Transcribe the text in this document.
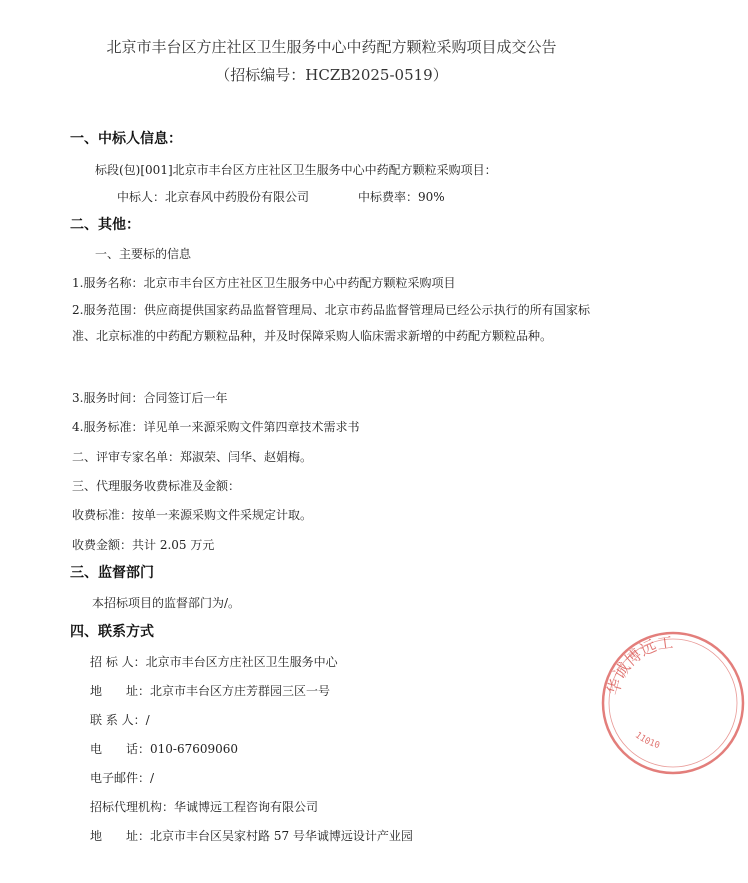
北京市丰台区方庄社区卫生服务中心中药配方颗粒采购项目成交公告
（招标编号：HCZB2025-0519）
一、中标人信息：
标段(包)[001]北京市丰台区方庄社区卫生服务中心中药配方颗粒采购项目：
中标人：北京春风中药股份有限公司	中标费率：90%
二、其他：
一、主要标的信息
1.服务名称：北京市丰台区方庄社区卫生服务中心中药配方颗粒采购项目
2.服务范围：供应商提供国家药品监督管理局、北京市药品监督管理局已经公示执行的所有国家标准、北京标准的中药配方颗粒品种，并及时保障采购人临床需求新增的中药配方颗粒品种。
3.服务时间：合同签订后一年
4.服务标准：详见单一来源采购文件第四章技术需求书
二、评审专家名单：郑淑荣、闫华、赵娟梅。
三、代理服务收费标准及金额：
收费标准：按单一来源采购文件采规定计取。
收费金额：共计 2.05 万元
三、监督部门
本招标项目的监督部门为/。
四、联系方式
招 标 人：北京市丰台区方庄社区卫生服务中心
地　　址：北京市丰台区方庄芳群园三区一号
联 系 人：/
电　　话：010-67609060
电子邮件：/
招标代理机构：华诚博远工程咨询有限公司
地　　址：北京市丰台区吴家村路 57 号华诚博远设计产业园
华诚博远工
11010
